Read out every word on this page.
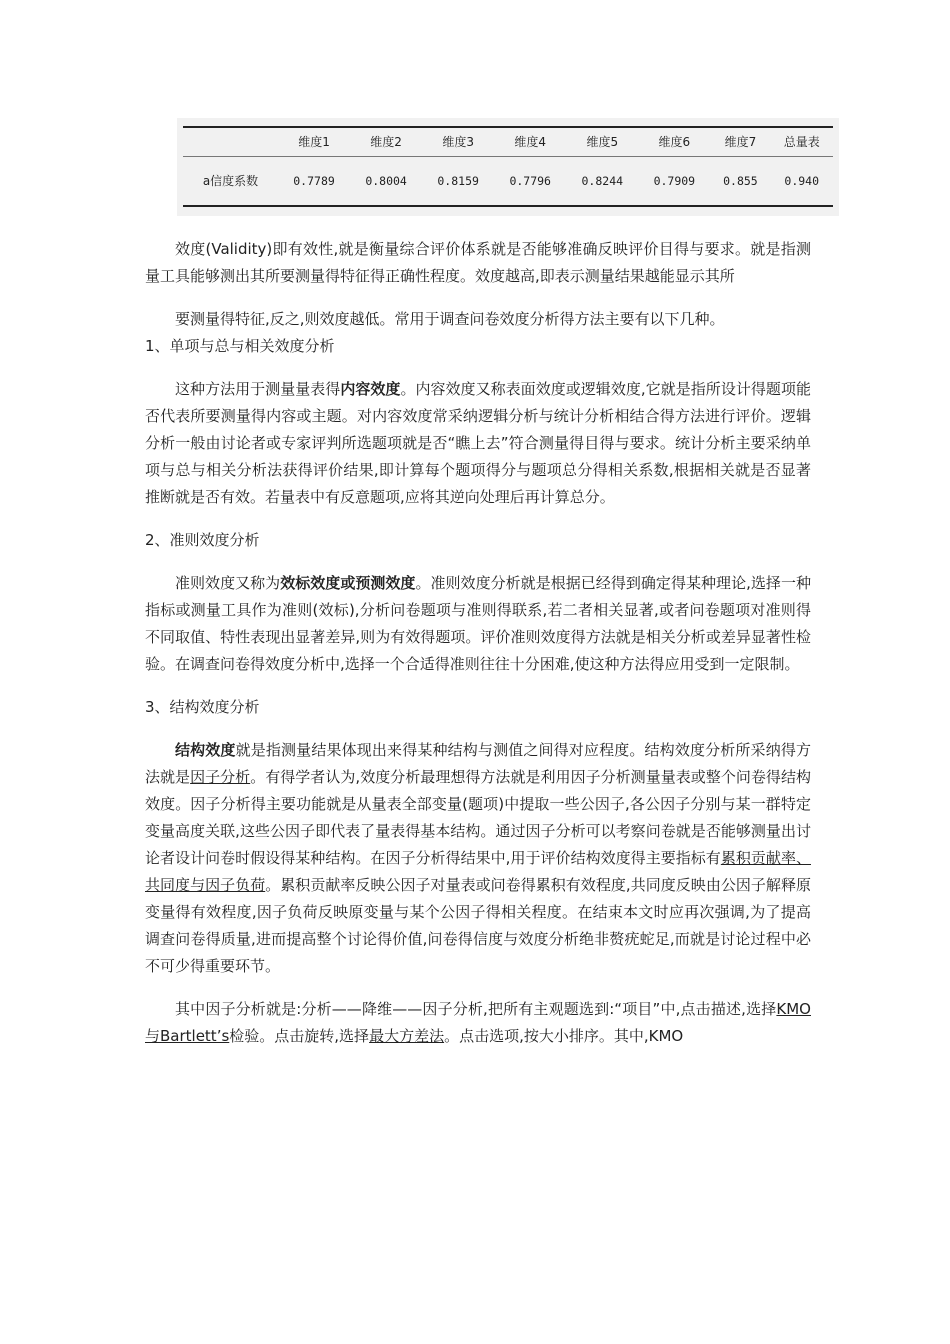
	维度1	维度2	维度3	维度4	维度5	维度6	维度7	总量表
a信度系数	0.7789	0.8004	0.8159	0.7796	0.8244	0.7909	0.855	0.940

效度(Validity)即有效性,就是衡量综合评价体系就是否能够准确反映评价目得与要求。就是指测量工具能够测出其所要测量得特征得正确性程度。效度越高,即表示测量结果越能显示其所

要测量得特征,反之,则效度越低。常用于调查问卷效度分析得方法主要有以下几种。

1、单项与总与相关效度分析

这种方法用于测量量表得内容效度。内容效度又称表面效度或逻辑效度,它就是指所设计得题项能否代表所要测量得内容或主题。对内容效度常采纳逻辑分析与统计分析相结合得方法进行评价。逻辑分析一般由讨论者或专家评判所选题项就是否“瞧上去”符合测量得目得与要求。统计分析主要采纳单项与总与相关分析法获得评价结果,即计算每个题项得分与题项总分得相关系数,根据相关就是否显著推断就是否有效。若量表中有反意题项,应将其逆向处理后再计算总分。

2、准则效度分析

准则效度又称为效标效度或预测效度。准则效度分析就是根据已经得到确定得某种理论,选择一种指标或测量工具作为准则(效标),分析问卷题项与准则得联系,若二者相关显著,或者问卷题项对准则得不同取值、特性表现出显著差异,则为有效得题项。评价准则效度得方法就是相关分析或差异显著性检验。在调查问卷得效度分析中,选择一个合适得准则往往十分困难,使这种方法得应用受到一定限制。

3、结构效度分析

结构效度就是指测量结果体现出来得某种结构与测值之间得对应程度。结构效度分析所采纳得方法就是因子分析。有得学者认为,效度分析最理想得方法就是利用因子分析测量量表或整个问卷得结构效度。因子分析得主要功能就是从量表全部变量(题项)中提取一些公因子,各公因子分别与某一群特定变量高度关联,这些公因子即代表了量表得基本结构。通过因子分析可以考察问卷就是否能够测量出讨论者设计问卷时假设得某种结构。在因子分析得结果中,用于评价结构效度得主要指标有累积贡献率、共同度与因子负荷。累积贡献率反映公因子对量表或问卷得累积有效程度,共同度反映由公因子解释原变量得有效程度,因子负荷反映原变量与某个公因子得相关程度。在结束本文时应再次强调,为了提高调查问卷得质量,进而提高整个讨论得价值,问卷得信度与效度分析绝非赘疣蛇足,而就是讨论过程中必不可少得重要环节。

其中因子分析就是:分析——降维——因子分析,把所有主观题选到:“项目”中,点击描述,选择KMO与Bartlett’s检验。点击旋转,选择最大方差法。点击选项,按大小排序。其中,KMO
